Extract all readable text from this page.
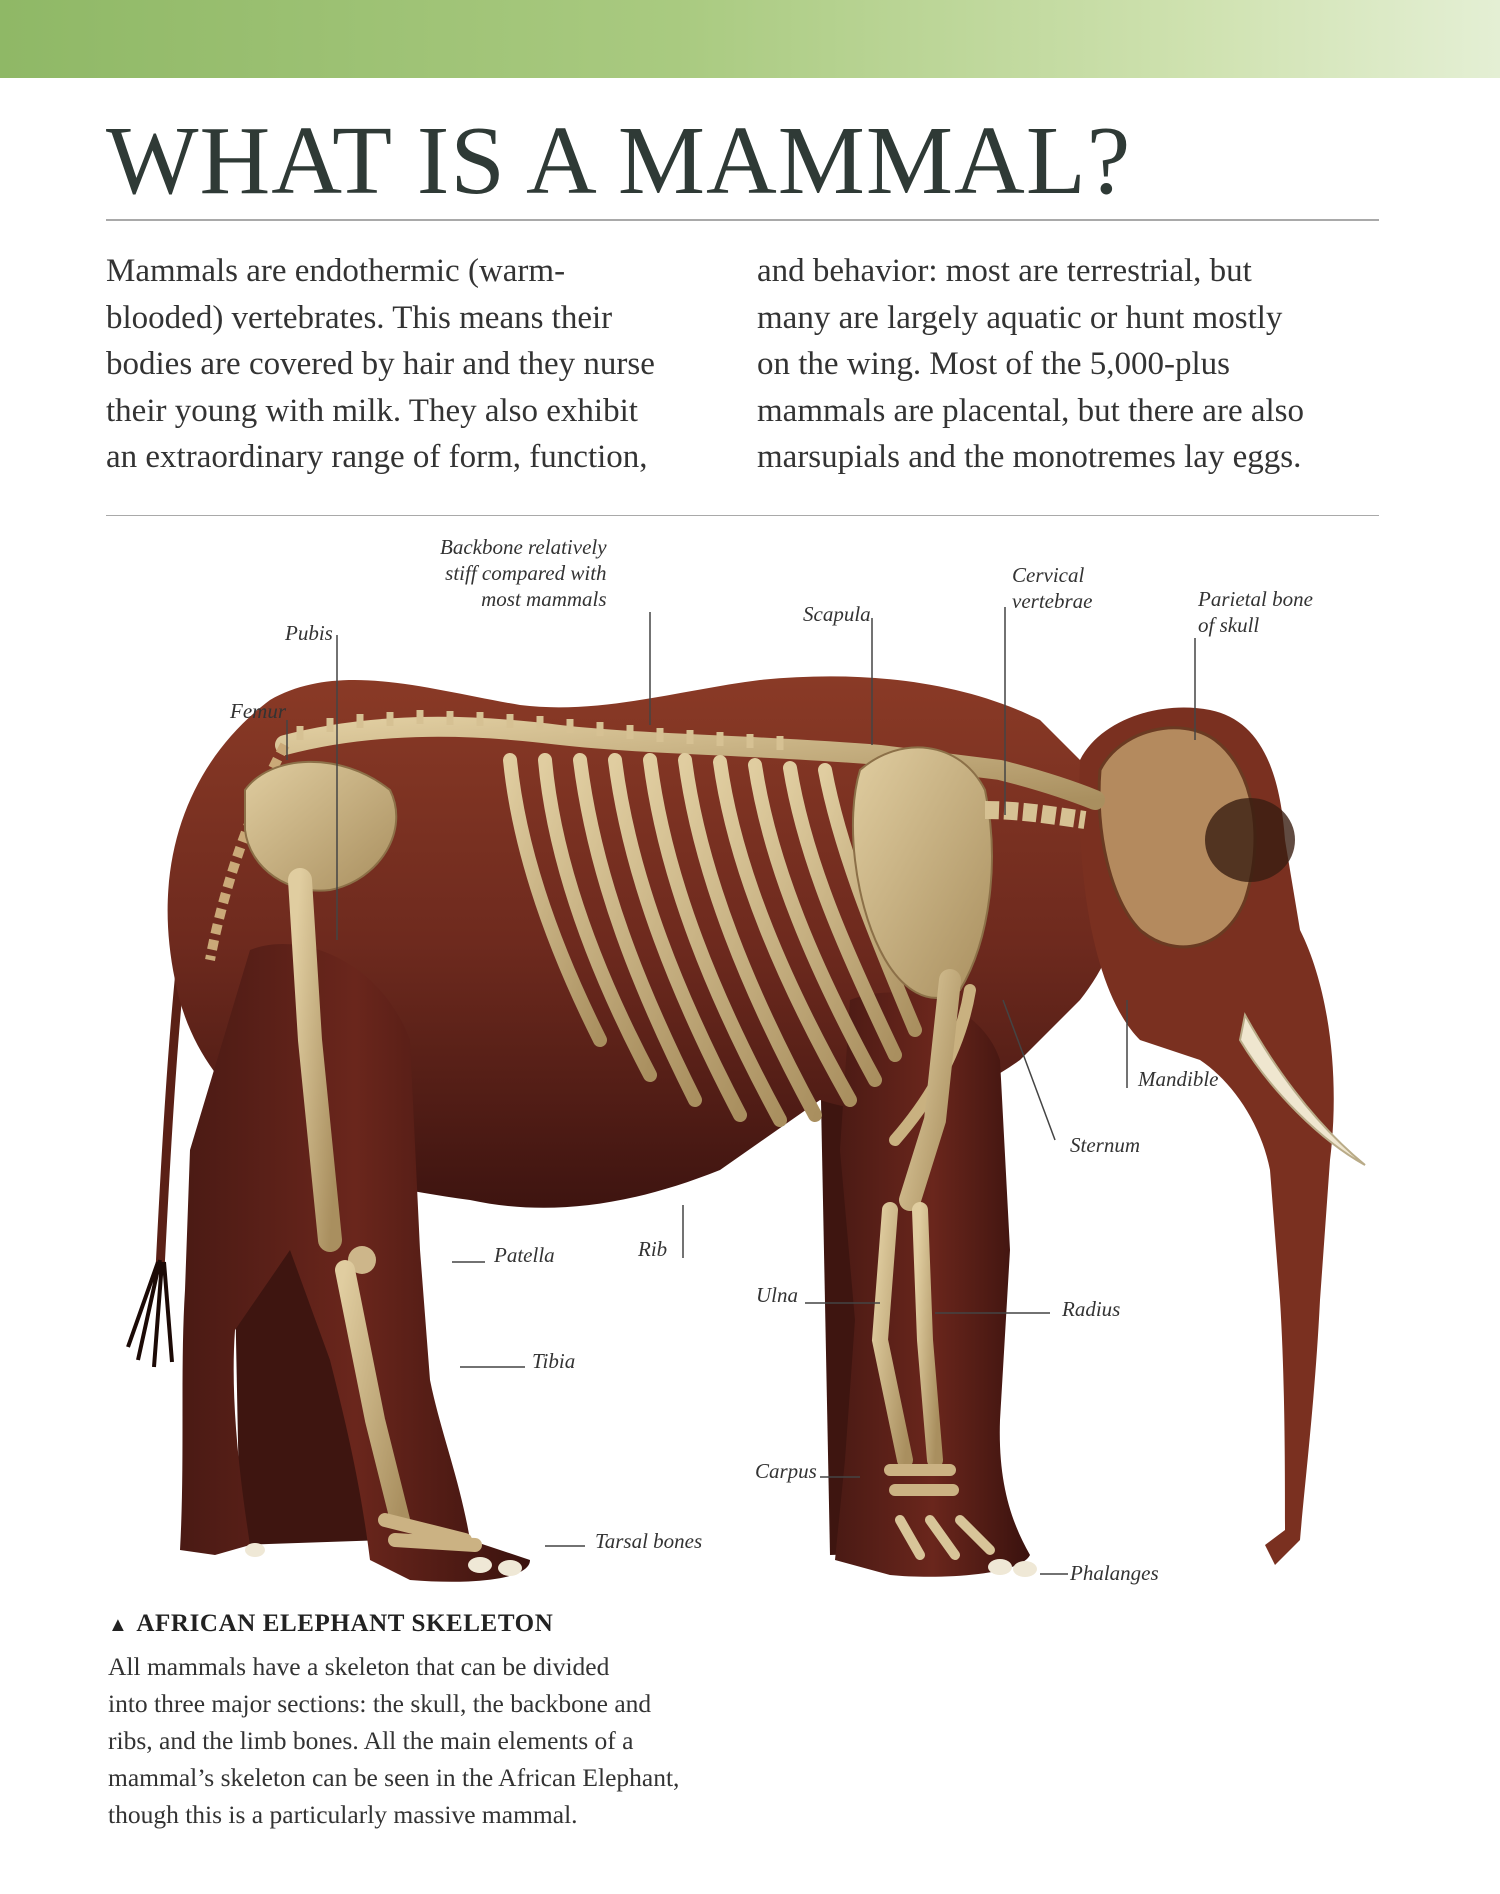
WHAT IS A MAMMAL?
Mammals are endothermic (warm-
blooded) vertebrates. This means their
bodies are covered by hair and they nurse
their young with milk. They also exhibit
an extraordinary range of form, function,
and behavior: most are terrestrial, but
many are largely aquatic or hunt mostly
on the wing. Most of the 5,000-plus
mammals are placental, but there are also
marsupials and the monotremes lay eggs.
Backbone relatively
stiff compared with
most mammals
Pubis
Femur
Scapula
Cervical
vertebrae	Parietal bone
of skull
Mandible
Sternum
Patella	Rib
Ulna
Radius
Tibia
Carpus
Tarsal bones
Phalanges
▲ AFRICAN ELEPHANT SKELETON
All mammals have a skeleton that can be divided
into three major sections: the skull, the backbone and
ribs, and the limb bones. All the main elements of a
mammal’s skeleton can be seen in the African Elephant,
though this is a particularly massive mammal.
